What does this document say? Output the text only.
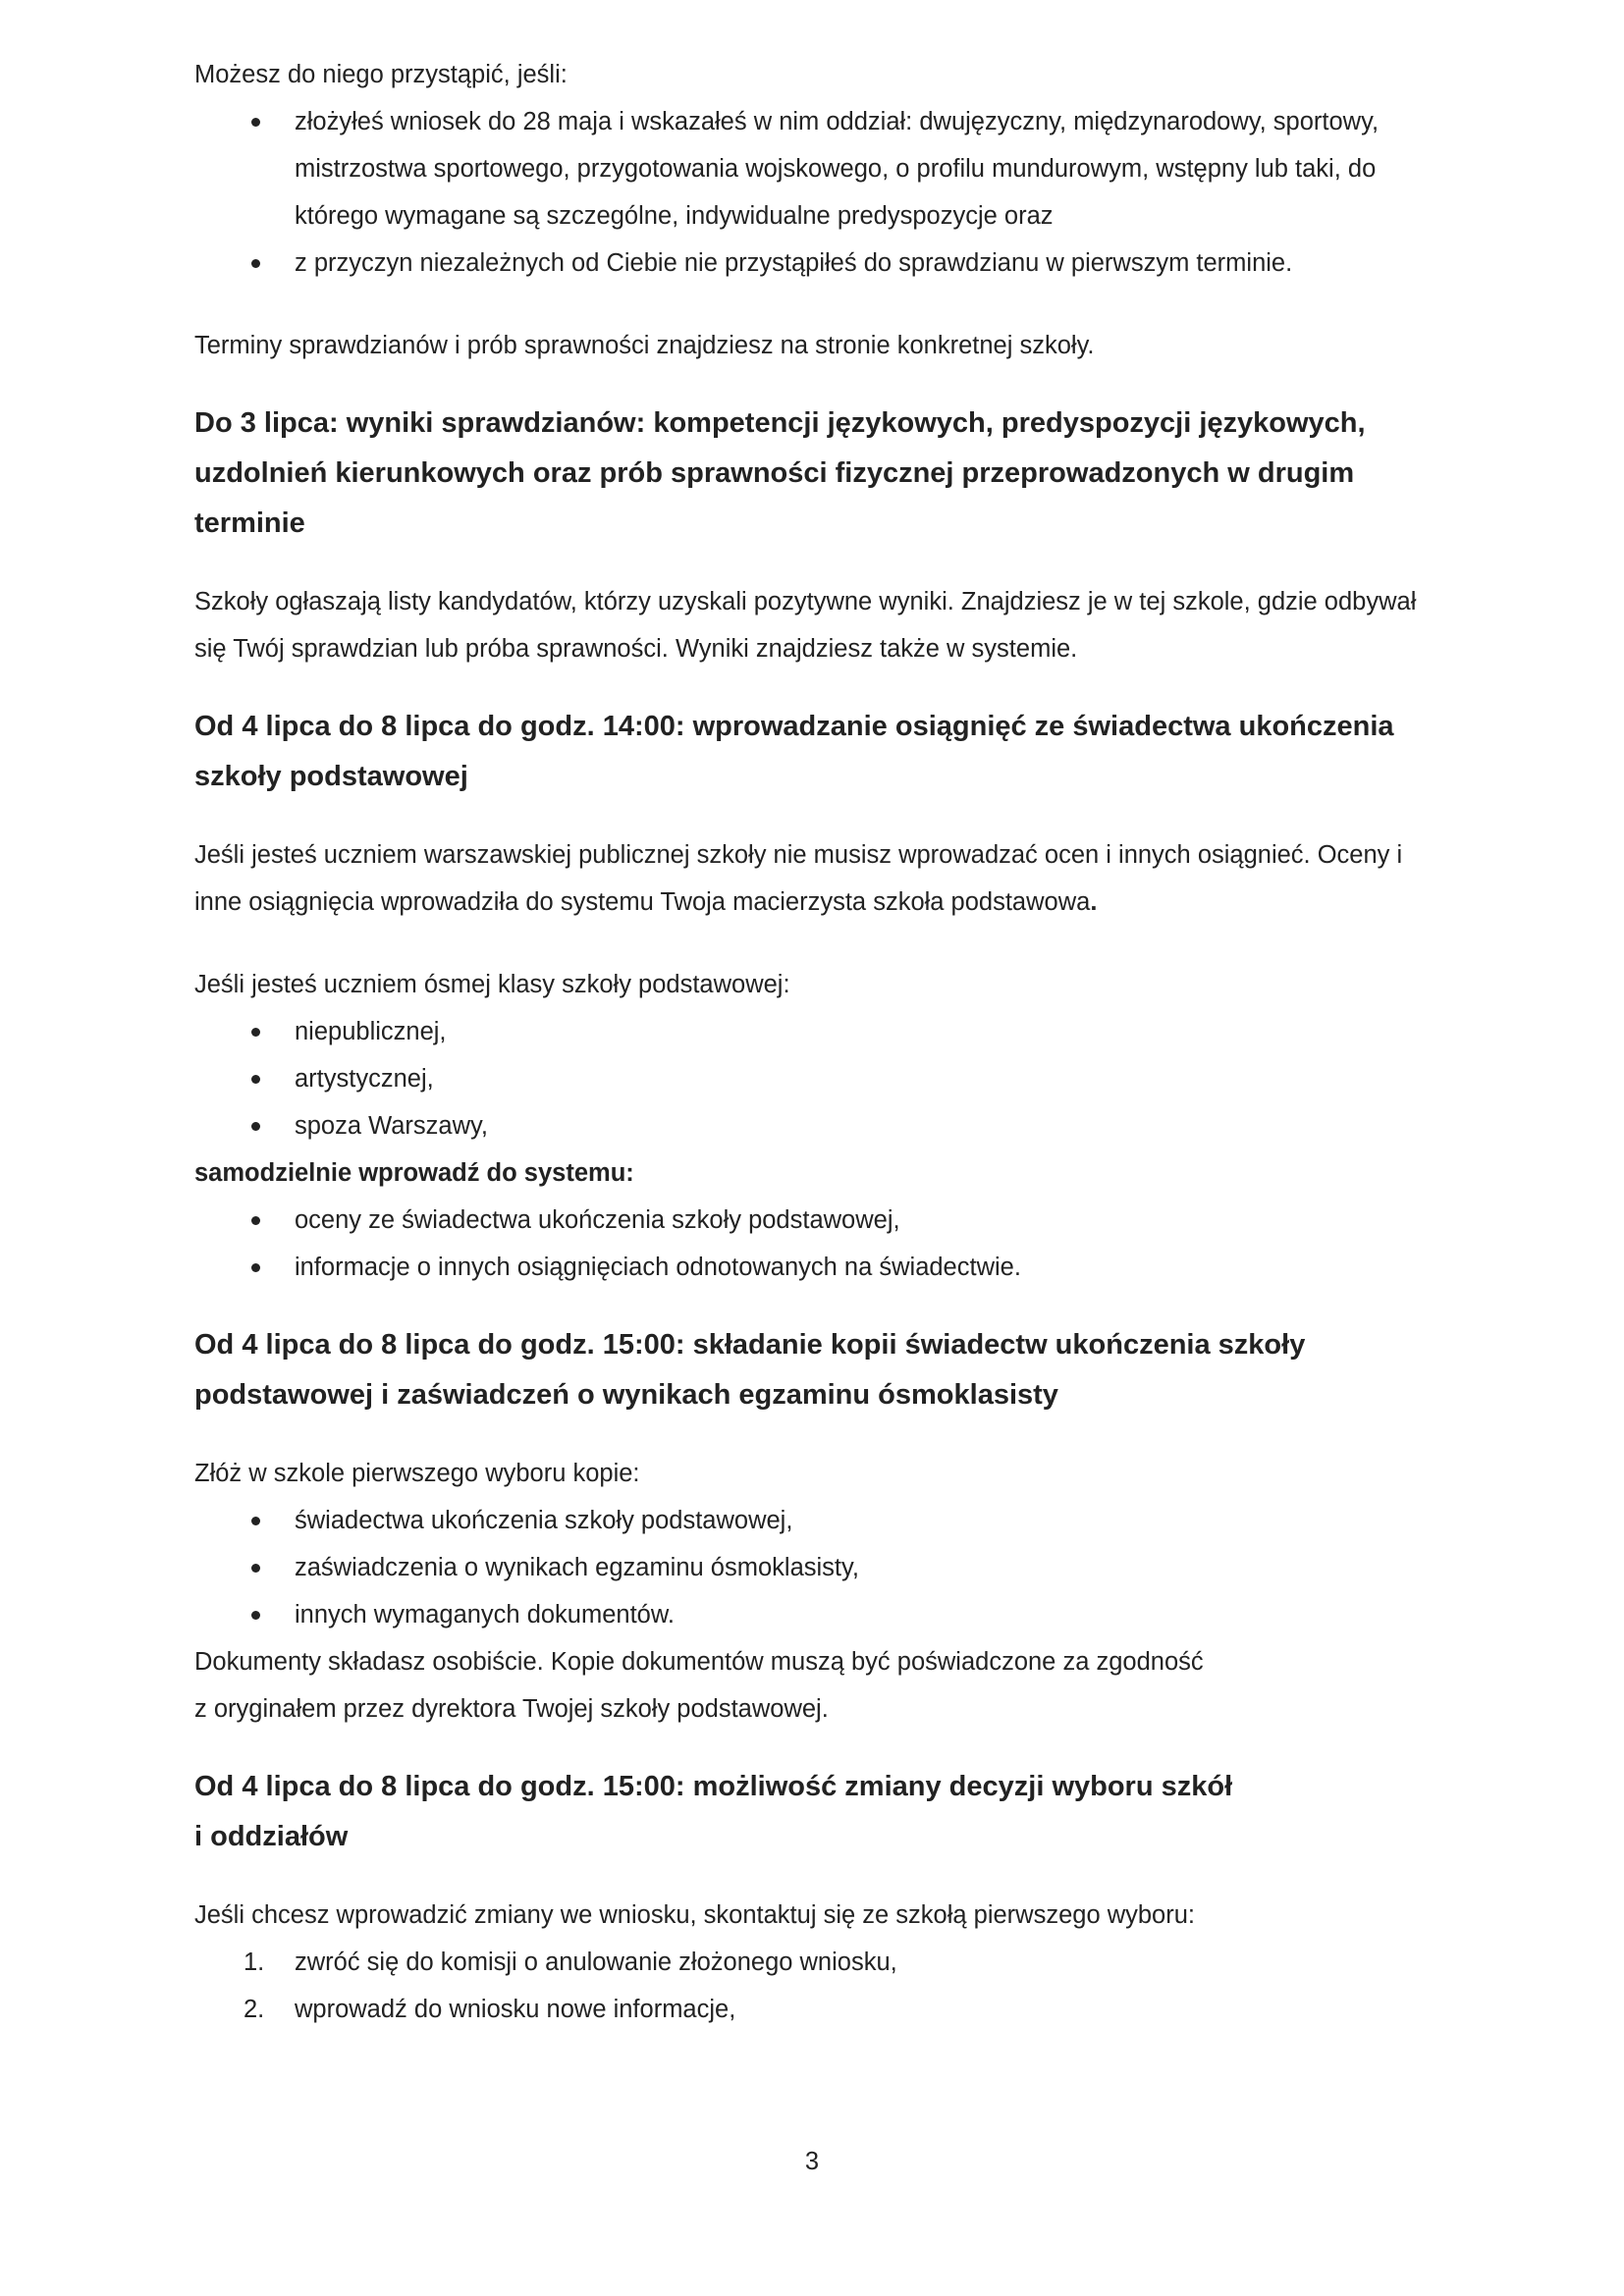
Możesz do niego przystąpić, jeśli:

złożyłeś wniosek do 28 maja i wskazałeś w nim oddział: dwujęzyczny, międzynarodowy, sportowy, mistrzostwa sportowego, przygotowania wojskowego, o profilu mundurowym, wstępny lub taki, do którego wymagane są szczególne, indywidualne predyspozycje oraz
z przyczyn niezależnych od Ciebie nie przystąpiłeś do sprawdzianu w pierwszym terminie.

Terminy sprawdzianów i prób sprawności znajdziesz na stronie konkretnej szkoły.

Do 3 lipca: wyniki sprawdzianów: kompetencji językowych, predyspozycji językowych, uzdolnień kierunkowych oraz prób sprawności fizycznej przeprowadzonych w drugim terminie

Szkoły ogłaszają listy kandydatów, którzy uzyskali pozytywne wyniki. Znajdziesz je w tej szkole, gdzie odbywał się Twój sprawdzian lub próba sprawności. Wyniki znajdziesz także w systemie.

Od 4 lipca do 8 lipca do godz. 14:00: wprowadzanie osiągnięć ze świadectwa ukończenia szkoły podstawowej

Jeśli jesteś uczniem warszawskiej publicznej szkoły nie musisz wprowadzać ocen i innych osiągnieć. Oceny i inne osiągnięcia wprowadziła do systemu Twoja macierzysta szkoła podstawowa.

Jeśli jesteś uczniem ósmej klasy szkoły podstawowej:

niepublicznej,
artystycznej,
spoza Warszawy,

samodzielnie wprowadź do systemu:

oceny ze świadectwa ukończenia szkoły podstawowej,
informacje o innych osiągnięciach odnotowanych na świadectwie.
Od 4 lipca do 8 lipca do godz. 15:00: składanie kopii świadectw ukończenia szkoły podstawowej i zaświadczeń o wynikach egzaminu ósmoklasisty

Złóż w szkole pierwszego wyboru kopie:

świadectwa ukończenia szkoły podstawowej,
zaświadczenia o wynikach egzaminu ósmoklasisty,
innych wymaganych dokumentów.

Dokumenty składasz osobiście. Kopie dokumentów muszą być poświadczone za zgodność

z oryginałem przez dyrektora Twojej szkoły podstawowej.

Od 4 lipca do 8 lipca do godz. 15:00: możliwość zmiany decyzji wyboru szkół
i oddziałów

Jeśli chcesz wprowadzić zmiany we wniosku, skontaktuj się ze szkołą pierwszego wyboru:

1. zwróć się do komisji o anulowanie złożonego wniosku,
2. wprowadź do wniosku nowe informacje,
3
